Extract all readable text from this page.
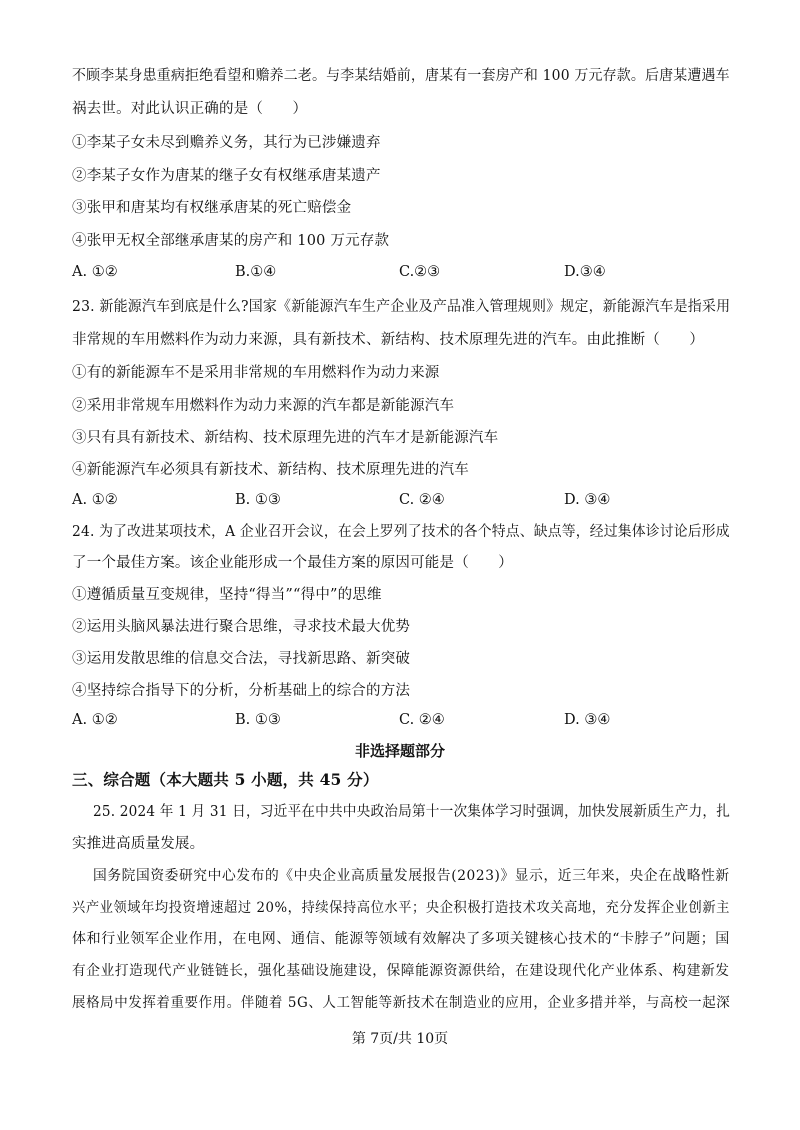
不顾李某身患重病拒绝看望和赡养二老。与李某结婚前，唐某有一套房产和 100 万元存款。后唐某遭遇车
祸去世。对此认识正确的是（　　）
①李某子女未尽到赡养义务，其行为已涉嫌遗弃
②李某子女作为唐某的继子女有权继承唐某遗产
③张甲和唐某均有权继承唐某的死亡赔偿金
④张甲无权全部继承唐某的房产和 100 万元存款
A. ①②	B.①④	C.②③	D.③④
23. 新能源汽车到底是什么?国家《新能源汽车生产企业及产品准入管理规则》规定，新能源汽车是指采用
非常规的车用燃料作为动力来源，具有新技术、新结构、技术原理先进的汽车。由此推断（　　）
①有的新能源车不是采用非常规的车用燃料作为动力来源
②采用非常规车用燃料作为动力来源的汽车都是新能源汽车
③只有具有新技术、新结构、技术原理先进的汽车才是新能源汽车
④新能源汽车必须具有新技术、新结构、技术原理先进的汽车
A. ①②	B. ①③	C. ②④	D. ③④
24. 为了改进某项技术，A 企业召开会议，在会上罗列了技术的各个特点、缺点等，经过集体诊讨论后形成
了一个最佳方案。该企业能形成一个最佳方案的原因可能是（　　）
①遵循质量互变规律，坚持“得当”“得中”的思维
②运用头脑风暴法进行聚合思维，寻求技术最大优势
③运用发散思维的信息交合法，寻找新思路、新突破
④坚持综合指导下的分析，分析基础上的综合的方法
A. ①②	B. ①③	C. ②④	D. ③④
非选择题部分
三、综合题（本大题共 5 小题，共 45 分）
25. 2024 年 1 月 31 日，习近平在中共中央政治局第十一次集体学习时强调，加快发展新质生产力，扎
实推进高质量发展。
国务院国资委研究中心发布的《中央企业高质量发展报告(2023)》显示，近三年来，央企在战略性新
兴产业领域年均投资增速超过 20%，持续保持高位水平；央企积极打造技术攻关高地，充分发挥企业创新主
体和行业领军企业作用，在电网、通信、能源等领域有效解决了多项关键核心技术的“卡脖子”问题；国
有企业打造现代产业链链长，强化基础设施建设，保障能源资源供给，在建设现代化产业体系、构建新发
展格局中发挥着重要作用。伴随着 5G、人工智能等新技术在制造业的应用，企业多措并举，与高校一起深
第 7页/共 10页
